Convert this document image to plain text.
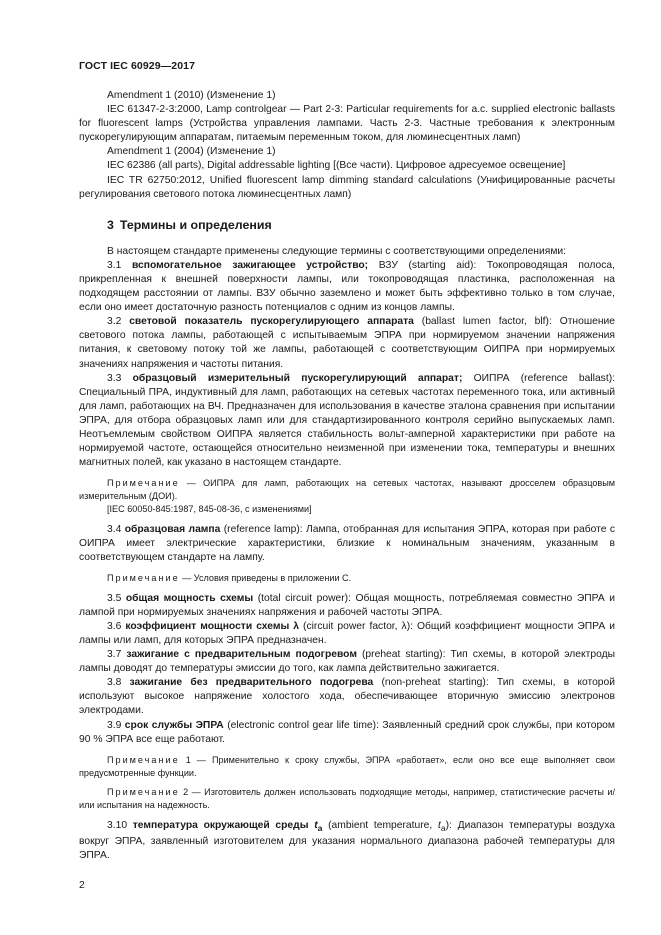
ГОСТ IEC 60929—2017

Amendment 1 (2010) (Изменение 1)

IEC 61347-2-3:2000, Lamp controlgear — Part 2-3: Particular requirements for a.c. supplied electronic ballasts for fluorescent lamps (Устройства управления лампами. Часть 2-3. Частные требования к электронным пускорегулирующим аппаратам, питаемым переменным током, для люминесцентных ламп)

Amendment 1 (2004) (Изменение 1)

IEC 62386 (all parts), Digital addressable lighting [(Все части). Цифровое адресуемое освещение]

IEC TR 62750:2012, Unified fluorescent lamp dimming standard calculations (Унифицированные расчеты регулирования светового потока люминесцентных ламп)

3 Термины и определения

В настоящем стандарте применены следующие термины с соответствующими определениями:

3.1 вспомогательное зажигающее устройство; ВЗУ (starting aid): Токопроводящая полоса, прикрепленная к внешней поверхности лампы, или токопроводящая пластинка, расположенная на подходящем расстоянии от лампы. ВЗУ обычно заземлено и может быть эффективно только в том случае, если оно имеет достаточную разность потенциалов с одним из концов лампы.

3.2 световой показатель пускорегулирующего аппарата (ballast lumen factor, blf): Отношение светового потока лампы, работающей с испытываемым ЭПРА при нормируемом значении напряжения питания, к световому потоку той же лампы, работающей с соответствующим ОИПРА при нормируемых значениях напряжения и частоты питания.

3.3 образцовый измерительный пускорегулирующий аппарат; ОИПРА (reference ballast): Специальный ПРА, индуктивный для ламп, работающих на сетевых частотах переменного тока, или активный для ламп, работающих на ВЧ. Предназначен для использования в качестве эталона сравнения при испытании ЭПРА, для отбора образцовых ламп или для стандартизированного контроля серийно выпускаемых ламп. Неотъемлемым свойством ОИПРА является стабильность вольт-амперной характеристики при работе на нормируемой частоте, остающейся относительно неизменной при изменении тока, температуры и внешних магнитных полей, как указано в настоящем стандарте.

Примечание — ОИПРА для ламп, работающих на сетевых частотах, называют дросселем образцовым измерительным (ДОИ).

[IEC 60050-845:1987, 845-08-36, с изменениями]

3.4 образцовая лампа (reference lamp): Лампа, отобранная для испытания ЭПРА, которая при работе с ОИПРА имеет электрические характеристики, близкие к номинальным значениям, указанным в соответствующем стандарте на лампу.

Примечание — Условия приведены в приложении С.

3.5 общая мощность схемы (total circuit power): Общая мощность, потребляемая совместно ЭПРА и лампой при нормируемых значениях напряжения и рабочей частоты ЭПРА.

3.6 коэффициент мощности схемы λ (circuit power factor, λ): Общий коэффициент мощности ЭПРА и лампы или ламп, для которых ЭПРА предназначен.

3.7 зажигание с предварительным подогревом (preheat starting): Тип схемы, в которой электроды лампы доводят до температуры эмиссии до того, как лампа действительно зажигается.

3.8 зажигание без предварительного подогрева (non-preheat starting): Тип схемы, в которой используют высокое напряжение холостого хода, обеспечивающее вторичную эмиссию электронов электродами.

3.9 срок службы ЭПРА (electronic control gear life time): Заявленный средний срок службы, при котором 90 % ЭПРА все еще работают.

Примечание 1 — Применительно к сроку службы, ЭПРА «работает», если оно все еще выполняет свои предусмотренные функции.

Примечание 2 — Изготовитель должен использовать подходящие методы, например, статистические расчеты и/или испытания на надежность.

3.10 температура окружающей среды $t_a$ (ambient temperature, $t_a$): Диапазон температуры воздуха вокруг ЭПРА, заявленный изготовителем для указания нормального диапазона рабочей температуры для ЭПРА.

2
